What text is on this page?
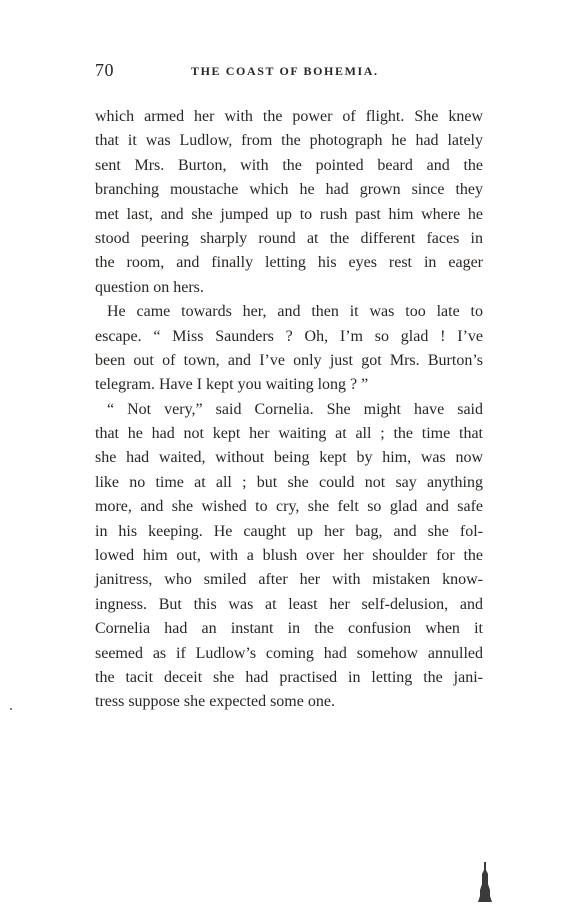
70	THE COAST OF BOHEMIA.
which armed her with the power of flight. She knew
that it was Ludlow, from the photograph he had lately
sent Mrs. Burton, with the pointed beard and the
branching moustache which he had grown since they
met last, and she jumped up to rush past him where he
stood peering sharply round at the different faces in
the room, and finally letting his eyes rest in eager
question on hers.
He came towards her, and then it was too late to
escape. “ Miss Saunders ? Oh, I’m so glad ! I’ve
been out of town, and I’ve only just got Mrs. Burton’s
telegram. Have I kept you waiting long ? ”
“ Not very,” said Cornelia. She might have said
that he had not kept her waiting at all ; the time that
she had waited, without being kept by him, was now
like no time at all ; but she could not say anything
more, and she wished to cry, she felt so glad and safe
in his keeping. He caught up her bag, and she fol-
lowed him out, with a blush over her shoulder for the
janitress, who smiled after her with mistaken know-
ingness. But this was at least her self-delusion, and
Cornelia had an instant in the confusion when it
seemed as if Ludlow’s coming had somehow annulled
the tacit deceit she had practised in letting the jani-
tress suppose she expected some one.
